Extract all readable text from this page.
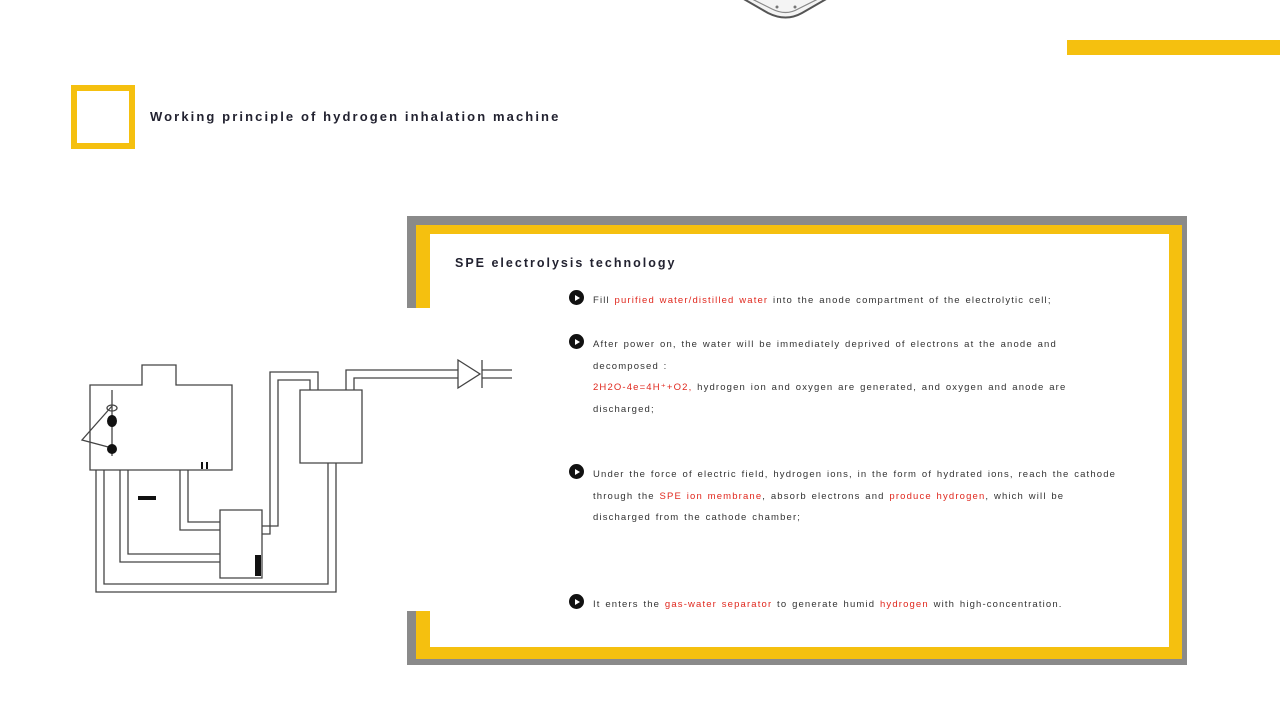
Working principle of hydrogen inhalation machine
SPE electrolysis technology
Fill purified water/distilled water into the anode compartment of the electrolytic cell;
After power on, the water will be immediately deprived of electrons at the anode and decomposed :
2H2O-4e=4H⁺+O2, hydrogen ion and oxygen are generated, and oxygen and anode are discharged;
Under the force of electric field, hydrogen ions, in the form of hydrated ions, reach the cathode through the SPE ion membrane, absorb electrons and produce hydrogen, which will be discharged from the cathode chamber;
It enters the gas-water separator to generate humid hydrogen with high-concentration.
